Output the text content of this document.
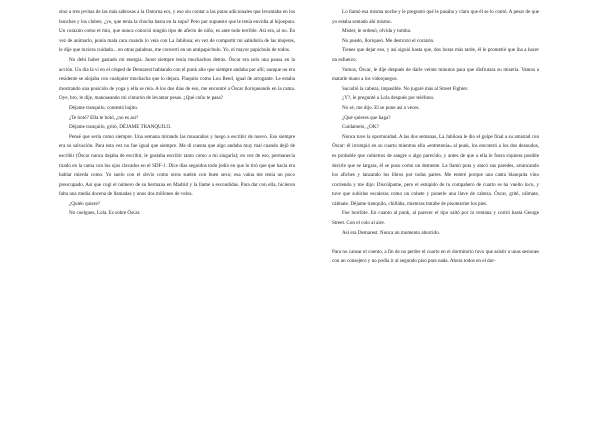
sino a tres jevitas de las más sabrosas a la Ontorna ecs, y eso sin contar a las putas adicionales que levantaba en los bonches y los clubes; ¿yo, que tenía la chocha hasta en la sopa? Pero por supuesto que le tenía envidia al hijoeputa. Un corazón como el mío, que nunca conoció ningún tipo de afecto de niño, es ante todo terrible. Así era, al no. En vez de animarlo, ponía mala cara cuando lo veía con La Jabilosa; en vez de compartir mi sabiduría de las mujeres, le dije que tuviera cuidado... en otras palabras, me convertí en un antipapichulo. Yo, el mayor papichulo de todos.

No debí haber gastado mi energía. Junot siempre tenía muchachos detrás. Óscar era solo una pausa en la acción. Un día la vi en el césped de Demarest hablando con el punk alto que siempre andaba por allí; aunque no era residente se alojaba con cualquier muchacha que lo dejara. Flaquito como Lou Reed, igual de arrogante. Le estaba mostrando una posición de yoga y ella se reía. A los dos días de eso, me encontré a Óscar lloriqueando en la cama. Oye, bro, le dije, manoseando mi cinturón de levantar pesas. ¿Qué coño te pasa?

Déjame tranquilo, contestó bajito.

¿Te botó? Ella te botó, ¿no es así?

Déjame tranquilo, gritó, DÉJAME TRANQUILO.

Pensé que sería como siempre. Una semana mirando las musarañas y luego a escribir de nuevo. Eso siempre era su salvación. Para esta vez no fue igual que siempre. Me di cuenta que algo andaba muy mal cuando dejó de escribir (Óscar nunca dejaba de escribir, le gustaba escribir tanto como a mí singarla); en vez de eso, permanecía tirado en la cama con los ojos clavados en el SDF-1. Dice días seguidos todo jodío en que lo tiró que que hacía era hablar mierda como. Yo suelo con el obvio como otros suelen con buen sexo; esa vaina me tenía un poco preocupado. Así que cogí el número de su hermana en Madrid y la llamé a escondidas. Para dar con ella, hicieron falta una media docena de llamadas y unos dos millones de velos.

¿Quién quiere?

No cuelgues, Lola. Es sobre Óscar.

Lo llamó esa misma noche y le preguntó qué le pasaba y claro que él se lo contó. A pesar de que yo estaba sentado ahí mismo.

Míster, le ordenó, olvida y tumba.

No puedo, lloriqueó. Me destrozó el corazón.

Tienes que dejar eso, y así siguió hasta que, dos horas más tarde, él le prometió que iba a hacer un esfuerzo.

Vamos, Óscar, le dije después de darle veinte minutos para que disfrutara su miseria. Vamos a matarle mano a los videojuegos.

Sacudió la cabeza, impasible. No jugaré más al Street Fighter.

¿Y?, le pregunté a Lola después por teléfono.

No sé, me dijo. El se pone así a veces.

¿Qué quieres que haga?

Cuídamelo, ¿OK?

Nunca tuve la oportunidad. A las dos semanas, La Jabilosa le dio el golpe final a su amistad con Óscar: él irrumpió en su cuarto mientras ella «entretenía» al punk, los encontró a los dos desnudos, es probable que cubiertos de sangre o algo parecido, y antes de que a ella le fuera siquiera posible decirle que se largara, él se puso como un demente. La llamó puta y atacó sus paredes, arrancando los afiches y lanzando los libros por todas partes. Me enteré porque una canta blanquita vino corriendo y me dijo: Discúlpame, pero el estúpido de tu compañero de cuarto se ha vuelto loco, y tuve que subirlas escaleras como un cohete y ponerle una llave de cabeza. Óscar, grité, cálmate, cálmate. Déjame tranquilo, chilláha, mientras tratabe de pisotearme los pies.

Fue horrible. En cuanto al punk, al parecer el tipo saltó por la ventana y corrió hasta George Street. Con el culo al aire.

Así era Demarest. Nunca un momento aburrido.

Para no cansar el cuento, a fin de no perder el cuarto en el dormitorio tuvo que asistir a unas sesiones con un consejero y no podía ir al segundo piso para nada. Ahora todos en el dor-
